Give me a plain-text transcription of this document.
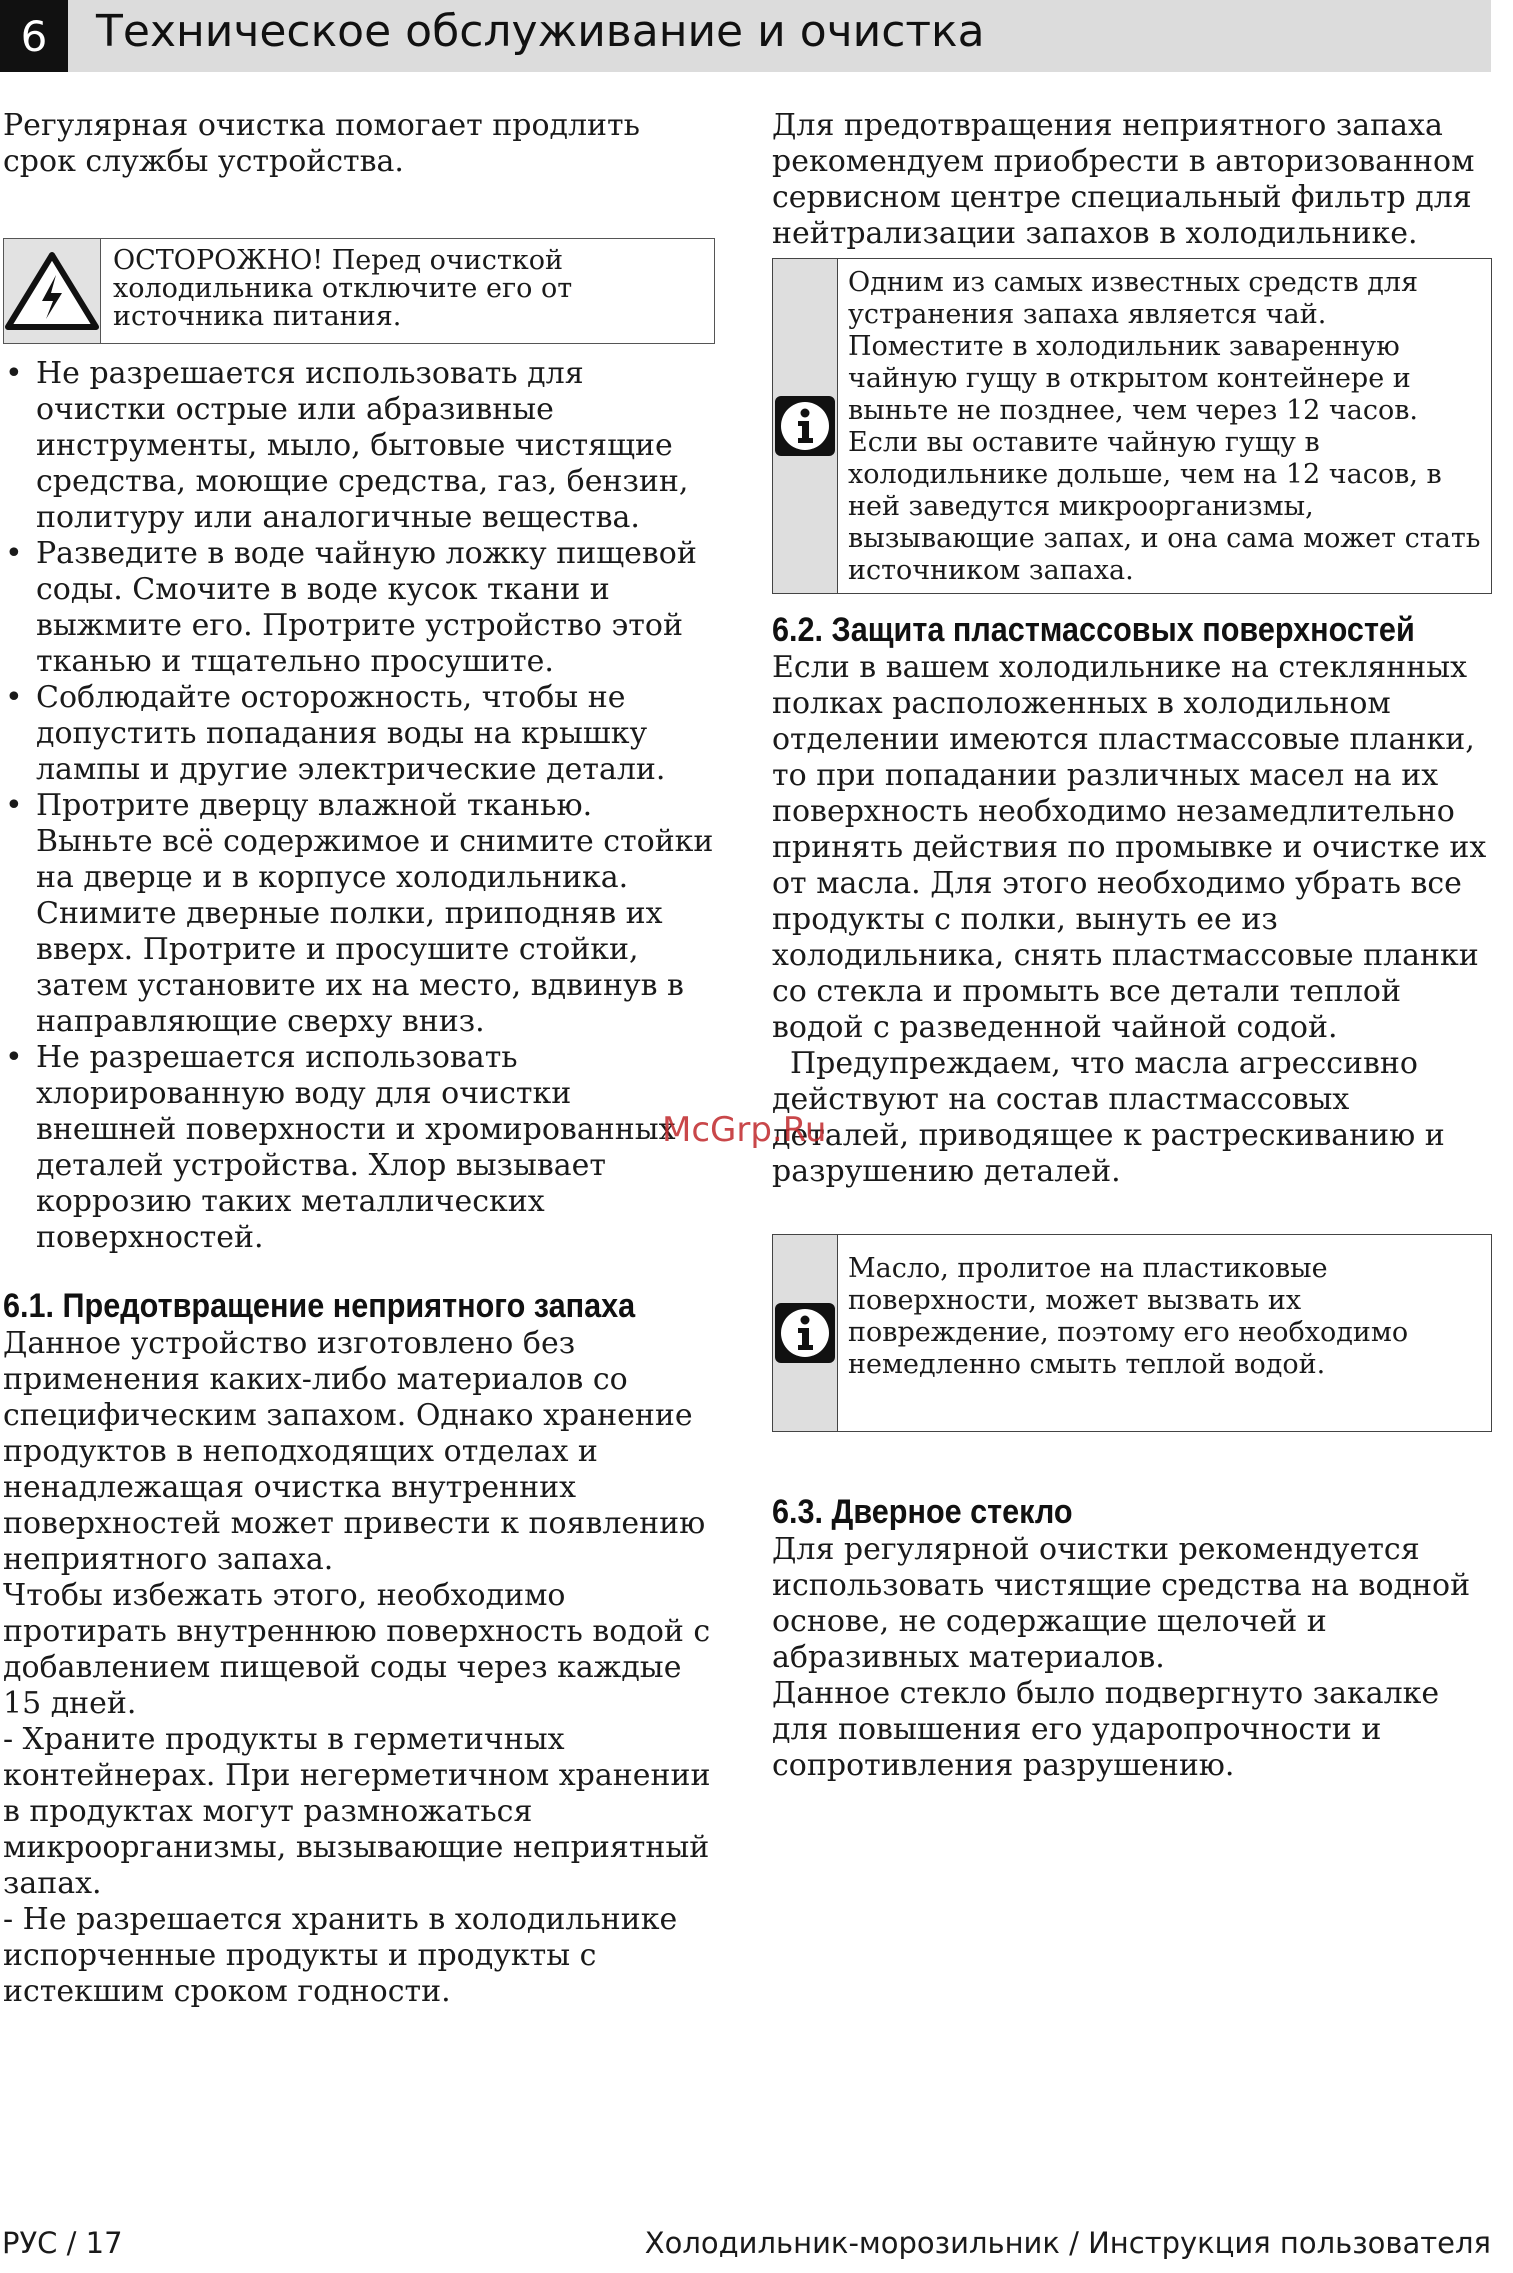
6	Техническое обслуживание и очистка

Регулярная очистка помогает продлить срок службы устройства.

ОСТОРОЖНО! Перед очисткой холодильника отключите его от источника питания.
• Не разрешается использовать для очистки острые или абразивные инструменты, мыло, бытовые чистящие средства, моющие средства, газ, бензин, политуру или аналогичные вещества.
• Разведите в воде чайную ложку пищевой соды. Смочите в воде кусок ткани и выжмите его. Протрите устройство этой тканью и тщательно просушите.
• Соблюдайте осторожность, чтобы не допустить попадания воды на крышку лампы и другие электрические детали.
• Протрите дверцу влажной тканью. Выньте всё содержимое и снимите стойки на дверце и в корпусе холодильника. Снимите дверные полки, приподняв их вверх. Протрите и просушите стойки, затем установите их на место, вдвинув в направляющие сверху вниз.
• Не разрешается использовать хлорированную воду для очистки внешней поверхности и хромированных деталей устройства. Хлор вызывает коррозию таких металлических поверхностей.
6.1. Предотвращение неприятного запаха

Данное устройство изготовлено без применения каких-либо материалов со специфическим запахом. Однако хранение продуктов в неподходящих отделах и ненадлежащая очистка внутренних поверхностей может привести к появлению неприятного запаха.

Чтобы избежать этого, необходимо протирать внутреннюю поверхность водой с добавлением пищевой соды через каждые 15 дней.

- Храните продукты в герметичных контейнерах. При негерметичном хранении в продуктах могут размножаться микроорганизмы, вызывающие неприятный запах.

- Не разрешается хранить в холодильнике испорченные продукты и продукты с истекшим сроком годности.

Для предотвращения неприятного запаха рекомендуем приобрести в авторизованном сервисном центре специальный фильтр для нейтрализации запахов в холодильнике.

Одним из самых известных средств для устранения запаха является чай. Поместите в холодильник заваренную чайную гущу в открытом контейнере и выньте не позднее, чем через 12 часов. Если вы оставите чайную гущу в холодильнике дольше, чем на 12 часов, в ней заведутся микроорганизмы, вызывающие запах, и она сама может стать источником запаха.
6.2. Защита пластмассовых поверхностей

Если в вашем холодильнике на стеклянных полках расположенных в холодильном отделении имеются пластмассовые планки, то при попадании различных масел на их поверхность необходимо незамедлительно принять действия по промывке и очистке их от масла. Для этого необходимо убрать все продукты с полки, вынуть ее из холодильника, снять пластмассовые планки со стекла и промыть все детали теплой водой с разведенной чайной содой.

Предупреждаем, что масла агрессивно действуют на состав пластмассовых деталей, приводящее к растрескиванию и разрушению деталей.

Масло, пролитое на пластиковые поверхности, может вызвать их повреждение, поэтому его необходимо немедленно смыть теплой водой.
6.3. Дверное стекло

Для регулярной очистки рекомендуется использовать чистящие средства на водной основе, не содержащие щелочей и абразивных материалов.

Данное стекло было подвергнуто закалке для повышения его ударопрочности и сопротивления разрушению.

McGrp.Ru
РУС / 17	Холодильник-морозильник / Инструкция пользователя
